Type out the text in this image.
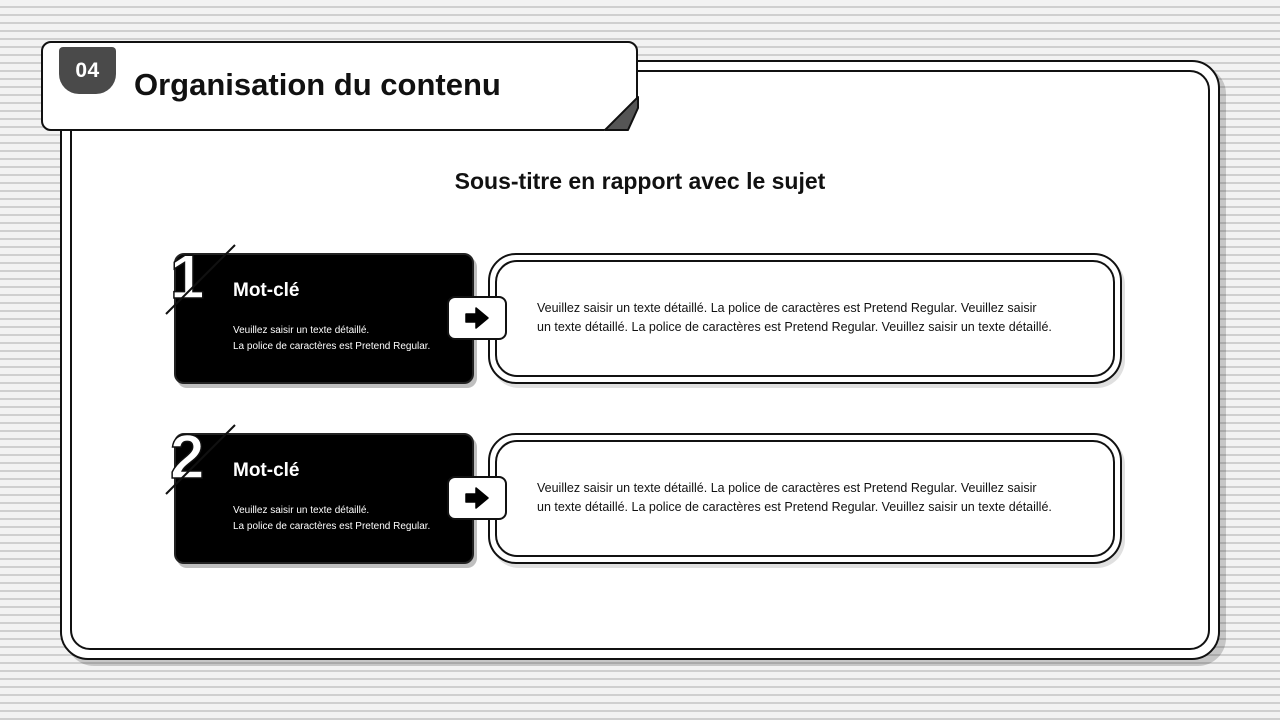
04	Organisation du contenu
Sous-titre en rapport avec le sujet
1 Mot-clé
Veuillez saisir un texte détaillé.
La police de caractères est Pretend Regular.
Veuillez saisir un texte détaillé. La police de caractères est Pretend Regular. Veuillez saisir
un texte détaillé. La police de caractères est Pretend Regular. Veuillez saisir un texte détaillé.
2 Mot-clé
Veuillez saisir un texte détaillé.
La police de caractères est Pretend Regular.
Veuillez saisir un texte détaillé. La police de caractères est Pretend Regular. Veuillez saisir
un texte détaillé. La police de caractères est Pretend Regular. Veuillez saisir un texte détaillé.
